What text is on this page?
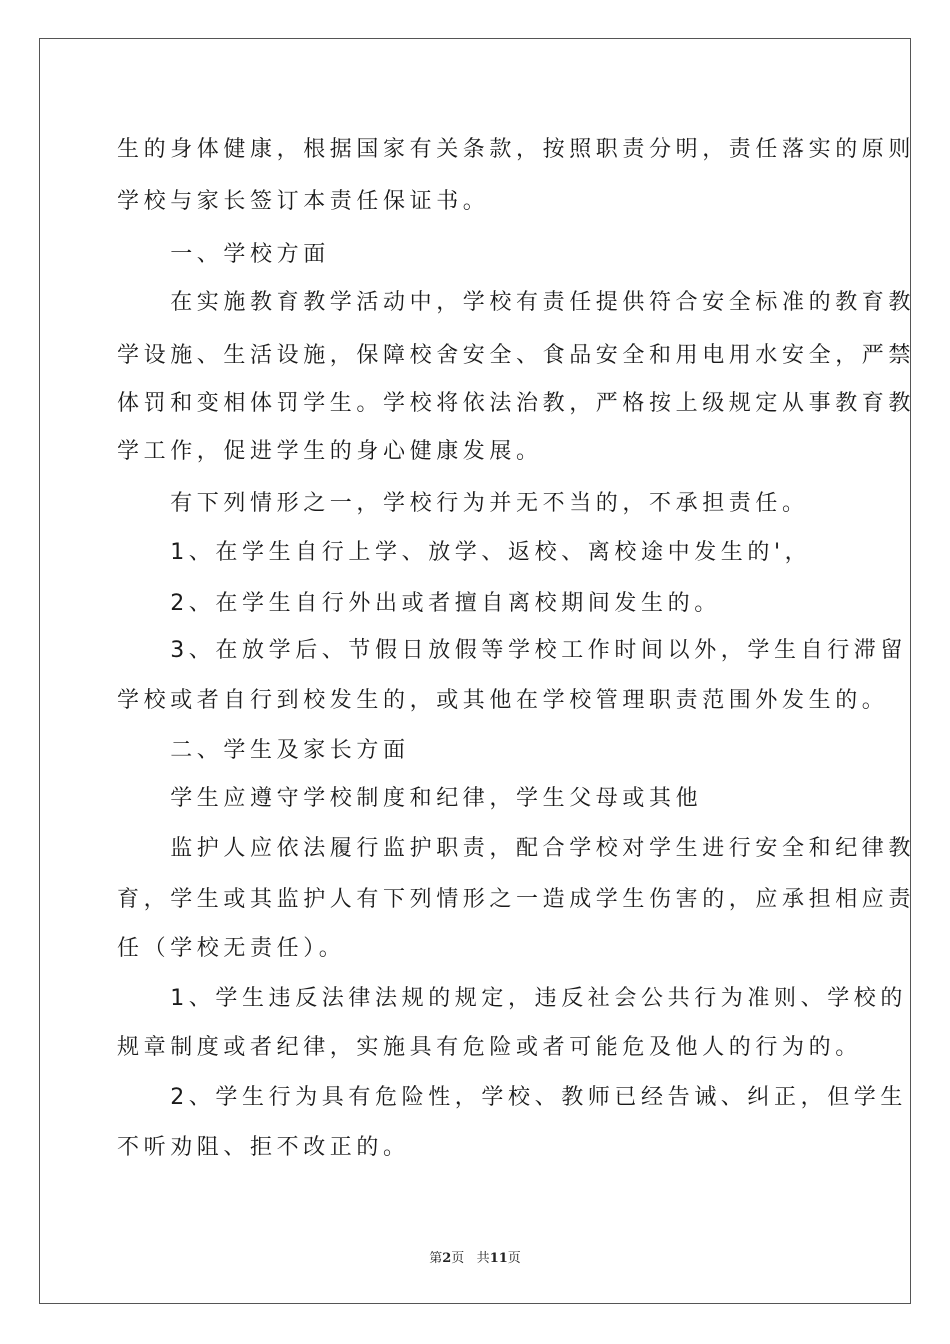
生的身体健康，根据国家有关条款，按照职责分明，责任落实的原则
学校与家长签订本责任保证书。
　　一、学校方面
　　在实施教育教学活动中，学校有责任提供符合安全标准的教育教
学设施、生活设施，保障校舍安全、食品安全和用电用水安全，严禁
体罚和变相体罚学生。学校将依法治教，严格按上级规定从事教育教
学工作，促进学生的身心健康发展。
　　有下列情形之一，学校行为并无不当的，不承担责任。
　　1、在学生自行上学、放学、返校、离校途中发生的'，
　　2、在学生自行外出或者擅自离校期间发生的。
　　3、在放学后、节假日放假等学校工作时间以外，学生自行滞留
学校或者自行到校发生的，或其他在学校管理职责范围外发生的。
　　二、学生及家长方面
　　学生应遵守学校制度和纪律，学生父母或其他
　　监护人应依法履行监护职责，配合学校对学生进行安全和纪律教
育，学生或其监护人有下列情形之一造成学生伤害的，应承担相应责
任（学校无责任）。
　　1、学生违反法律法规的规定，违反社会公共行为准则、学校的
规章制度或者纪律，实施具有危险或者可能危及他人的行为的。
　　2、学生行为具有危险性，学校、教师已经告诫、纠正，但学生
不听劝阻、拒不改正的。
第2页 共11页
